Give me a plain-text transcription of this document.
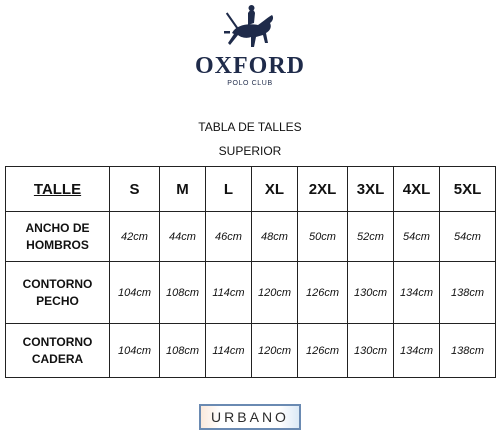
OXFORD
POLO CLUB
TABLA DE TALLES
SUPERIOR
TALLE	S	M	L	XL	2XL	3XL	4XL	5XL
ANCHO DE
HOMBROS	42cm	44cm	46cm	48cm	50cm	52cm	54cm	54cm
CONTORNO
PECHO	104cm	108cm	114cm	120cm	126cm	130cm	134cm	138cm
CONTORNO
CADERA	104cm	108cm	114cm	120cm	126cm	130cm	134cm	138cm
URBANO
